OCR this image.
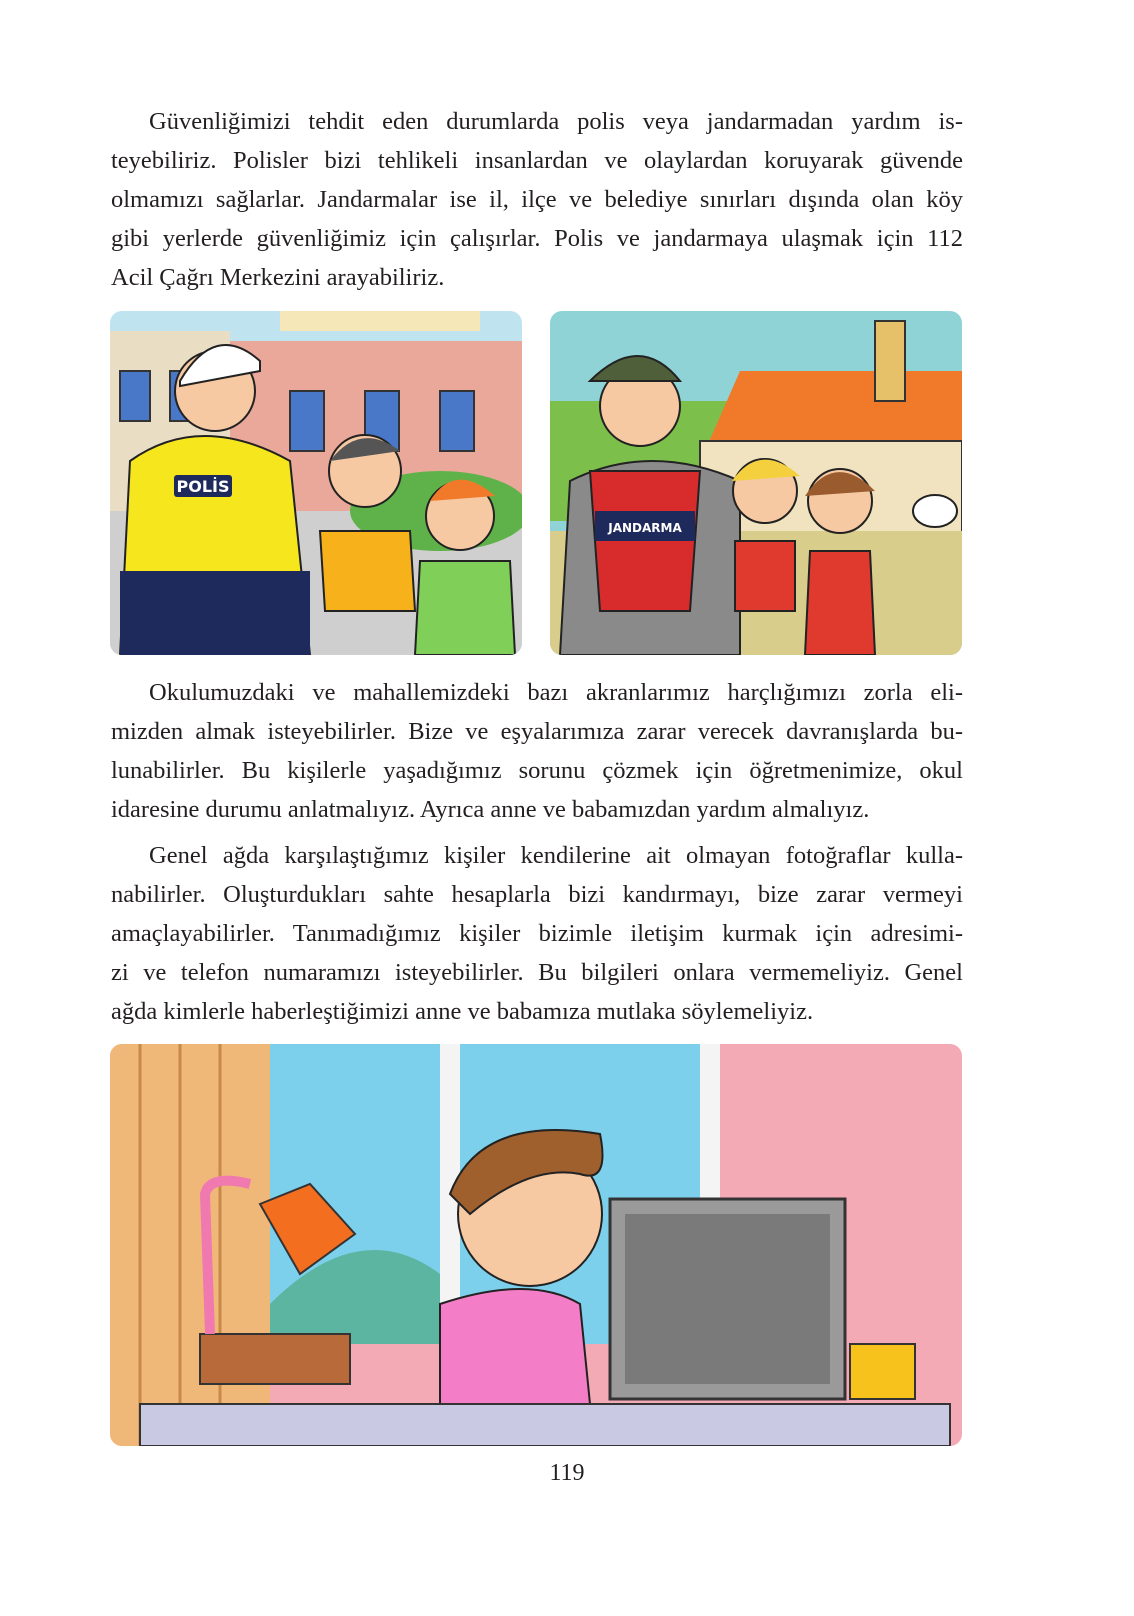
Güvenliğimizi tehdit eden durumlarda polis veya jandarmadan yardım is-
teyebiliriz. Polisler bizi tehlikeli insanlardan ve olaylardan koruyarak güvende
olmamızı sağlarlar. Jandarmalar ise il, ilçe ve belediye sınırları dışında olan köy
gibi yerlerde güvenliğimiz için çalışırlar. Polis ve jandarmaya ulaşmak için 112
Acil Çağrı Merkezini arayabiliriz.
POLİS
JANDARMA
Okulumuzdaki ve mahallemizdeki bazı akranlarımız harçlığımızı zorla eli-
mizden almak isteyebilirler. Bize ve eşyalarımıza zarar verecek davranışlarda bu-
lunabilirler. Bu kişilerle yaşadığımız sorunu çözmek için öğretmenimize, okul
idaresine durumu anlatmalıyız. Ayrıca anne ve babamızdan yardım almalıyız.
Genel ağda karşılaştığımız kişiler kendilerine ait olmayan fotoğraflar kulla-
nabilirler. Oluşturdukları sahte hesaplarla bizi kandırmayı, bize zarar vermeyi
amaçlayabilirler. Tanımadığımız kişiler bizimle iletişim kurmak için adresimi-
zi ve telefon numaramızı isteyebilirler. Bu bilgileri onlara vermemeliyiz. Genel
ağda kimlerle haberleştiğimizi anne ve babamıza mutlaka söylemeliyiz.
119
